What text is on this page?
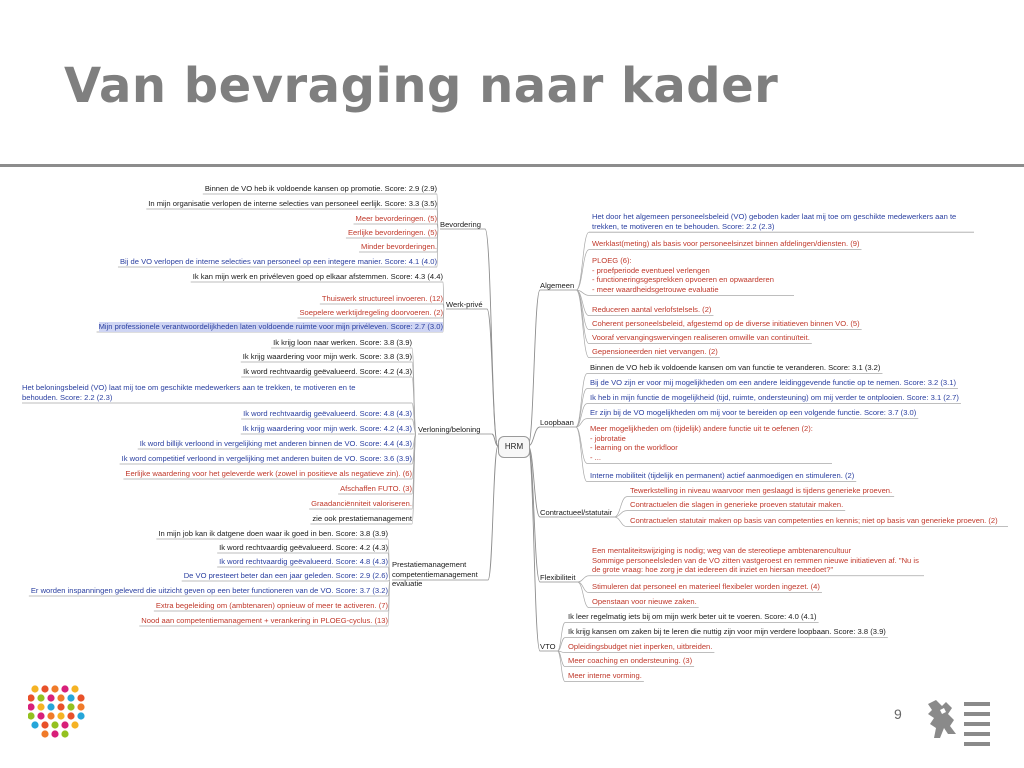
Van bevraging naar kader
Bevordering
Binnen de VO heb ik voldoende kansen op promotie. Score: 2.9 (2.9)
In mijn organisatie verlopen de interne selecties van personeel eerlijk. Score: 3.3 (3.5)
Meer bevorderingen. (5)
Eerlijke bevorderingen. (5)
Minder bevorderingen.
Bij de VO verlopen de interne selecties van personeel op een integere manier. Score: 4.1 (4.0)
Werk-privé
Ik kan mijn werk en privéleven goed op elkaar afstemmen. Score: 4.3 (4.4)
Thuiswerk structureel invoeren. (12)
Soepelere werktijdregeling doorvoeren. (2)
Mijn professionele verantwoordelijkheden laten voldoende ruimte voor mijn privéleven. Score: 2.7 (3.0)
Verloning/beloning
Ik krijg loon naar werken. Score: 3.8 (3.9)
Ik krijg waardering voor mijn werk. Score: 3.8 (3.9)
Ik word rechtvaardig geëvalueerd. Score: 4.2 (4.3)
Het beloningsbeleid (VO) laat mij toe om geschikte medewerkers aan te trekken, te motiveren en te behouden. Score: 2.2 (2.3)
Ik word rechtvaardig geëvalueerd. Score: 4.8 (4.3)
Ik krijg waardering voor mijn werk. Score: 4.2 (4.3)
Ik word billijk verloond in vergelijking met anderen binnen de VO. Score: 4.4 (4.3)
Ik word competitief verloond in vergelijking met anderen buiten de VO. Score: 3.6 (3.9)
Eerlijke waardering voor het geleverde werk (zowel in positieve als negatieve zin). (6)
Afschaffen FUTO. (3)
Graadanciënniteit valoriseren.
zie ook prestatiemanagement
Prestatiemanagement competentiemanagement evaluatie
In mijn job kan ik datgene doen waar ik goed in ben. Score: 3.8 (3.9)
Ik word rechtvaardig geëvalueerd. Score: 4.2 (4.3)
Ik word rechtvaardig geëvalueerd. Score: 4.8 (4.3)
De VO presteert beter dan een jaar geleden. Score: 2.9 (2.6)
Er worden inspanningen geleverd die uitzicht geven op een beter functioneren van de VO. Score: 3.7 (3.2)
Extra begeleiding om (ambtenaren) opnieuw of meer te activeren. (7)
Nood aan competentiemanagement + verankering in PLOEG-cyclus. (13)
Algemeen
Het door het algemeen personeelsbeleid (VO) geboden kader laat mij toe om geschikte medewerkers aan te trekken, te motiveren en te behouden. Score: 2.2 (2.3)
Werklast(meting) als basis voor personeelsinzet binnen afdelingen/diensten. (9)
PLOEG (6):
- proefperiode eventueel verlengen
- functioneringsgesprekken opvoeren en opwaarderen
- meer waardheidsgetrouwe evaluatie
Reduceren aantal verlofstelsels. (2)
Coherent personeelsbeleid, afgestemd op de diverse initiatieven binnen VO. (5)
Vooraf vervangingswervingen realiseren omwille van continuïteit.
Gepensioneerden niet vervangen. (2)
Loopbaan
Binnen de VO heb ik voldoende kansen om van functie te veranderen. Score: 3.1 (3.2)
Bij de VO zijn er voor mij mogelijkheden om een andere leidinggevende functie op te nemen. Score: 3.2 (3.1)
Ik heb in mijn functie de mogelijkheid (tijd, ruimte, ondersteuning) om mij verder te ontplooien. Score: 3.1 (2.7)
Er zijn bij de VO mogelijkheden om mij voor te bereiden op een volgende functie. Score: 3.7 (3.0)
Meer mogelijkheden om (tijdelijk) andere functie uit te oefenen (2):
- jobrotatie
- learning on the workfloor
- ...
Interne mobiliteit (tijdelijk en permanent) actief aanmoedigen en stimuleren. (2)
Contractueel/statutair
Tewerkstelling in niveau waarvoor men geslaagd is tijdens generieke proeven.
Contractuelen die slagen in generieke proeven statutair maken.
Contractuelen statutair maken op basis van competenties en kennis; niet op basis van generieke proeven. (2)
Flexibiliteit
Een mentaliteitswijziging is nodig; weg van de stereotiepe ambtenarencultuur
Sommige personeelsleden van de VO zitten vastgeroest en remmen nieuwe initiatieven af. "Nu is de grote vraag: hoe zorg je dat iedereen dit inziet en hiersan meedoet?"
Stimuleren dat personeel en materieel flexibeler worden ingezet. (4)
Openstaan voor nieuwe zaken.
VTO
Ik leer regelmatig iets bij om mijn werk beter uit te voeren. Score: 4.0 (4.1)
Ik krijg kansen om zaken bij te leren die nuttig zijn voor mijn verdere loopbaan. Score: 3.8 (3.9)
Opleidingsbudget niet inperken, uitbreiden.
Meer coaching en ondersteuning. (3)
Meer interne vorming.
HRM
9
